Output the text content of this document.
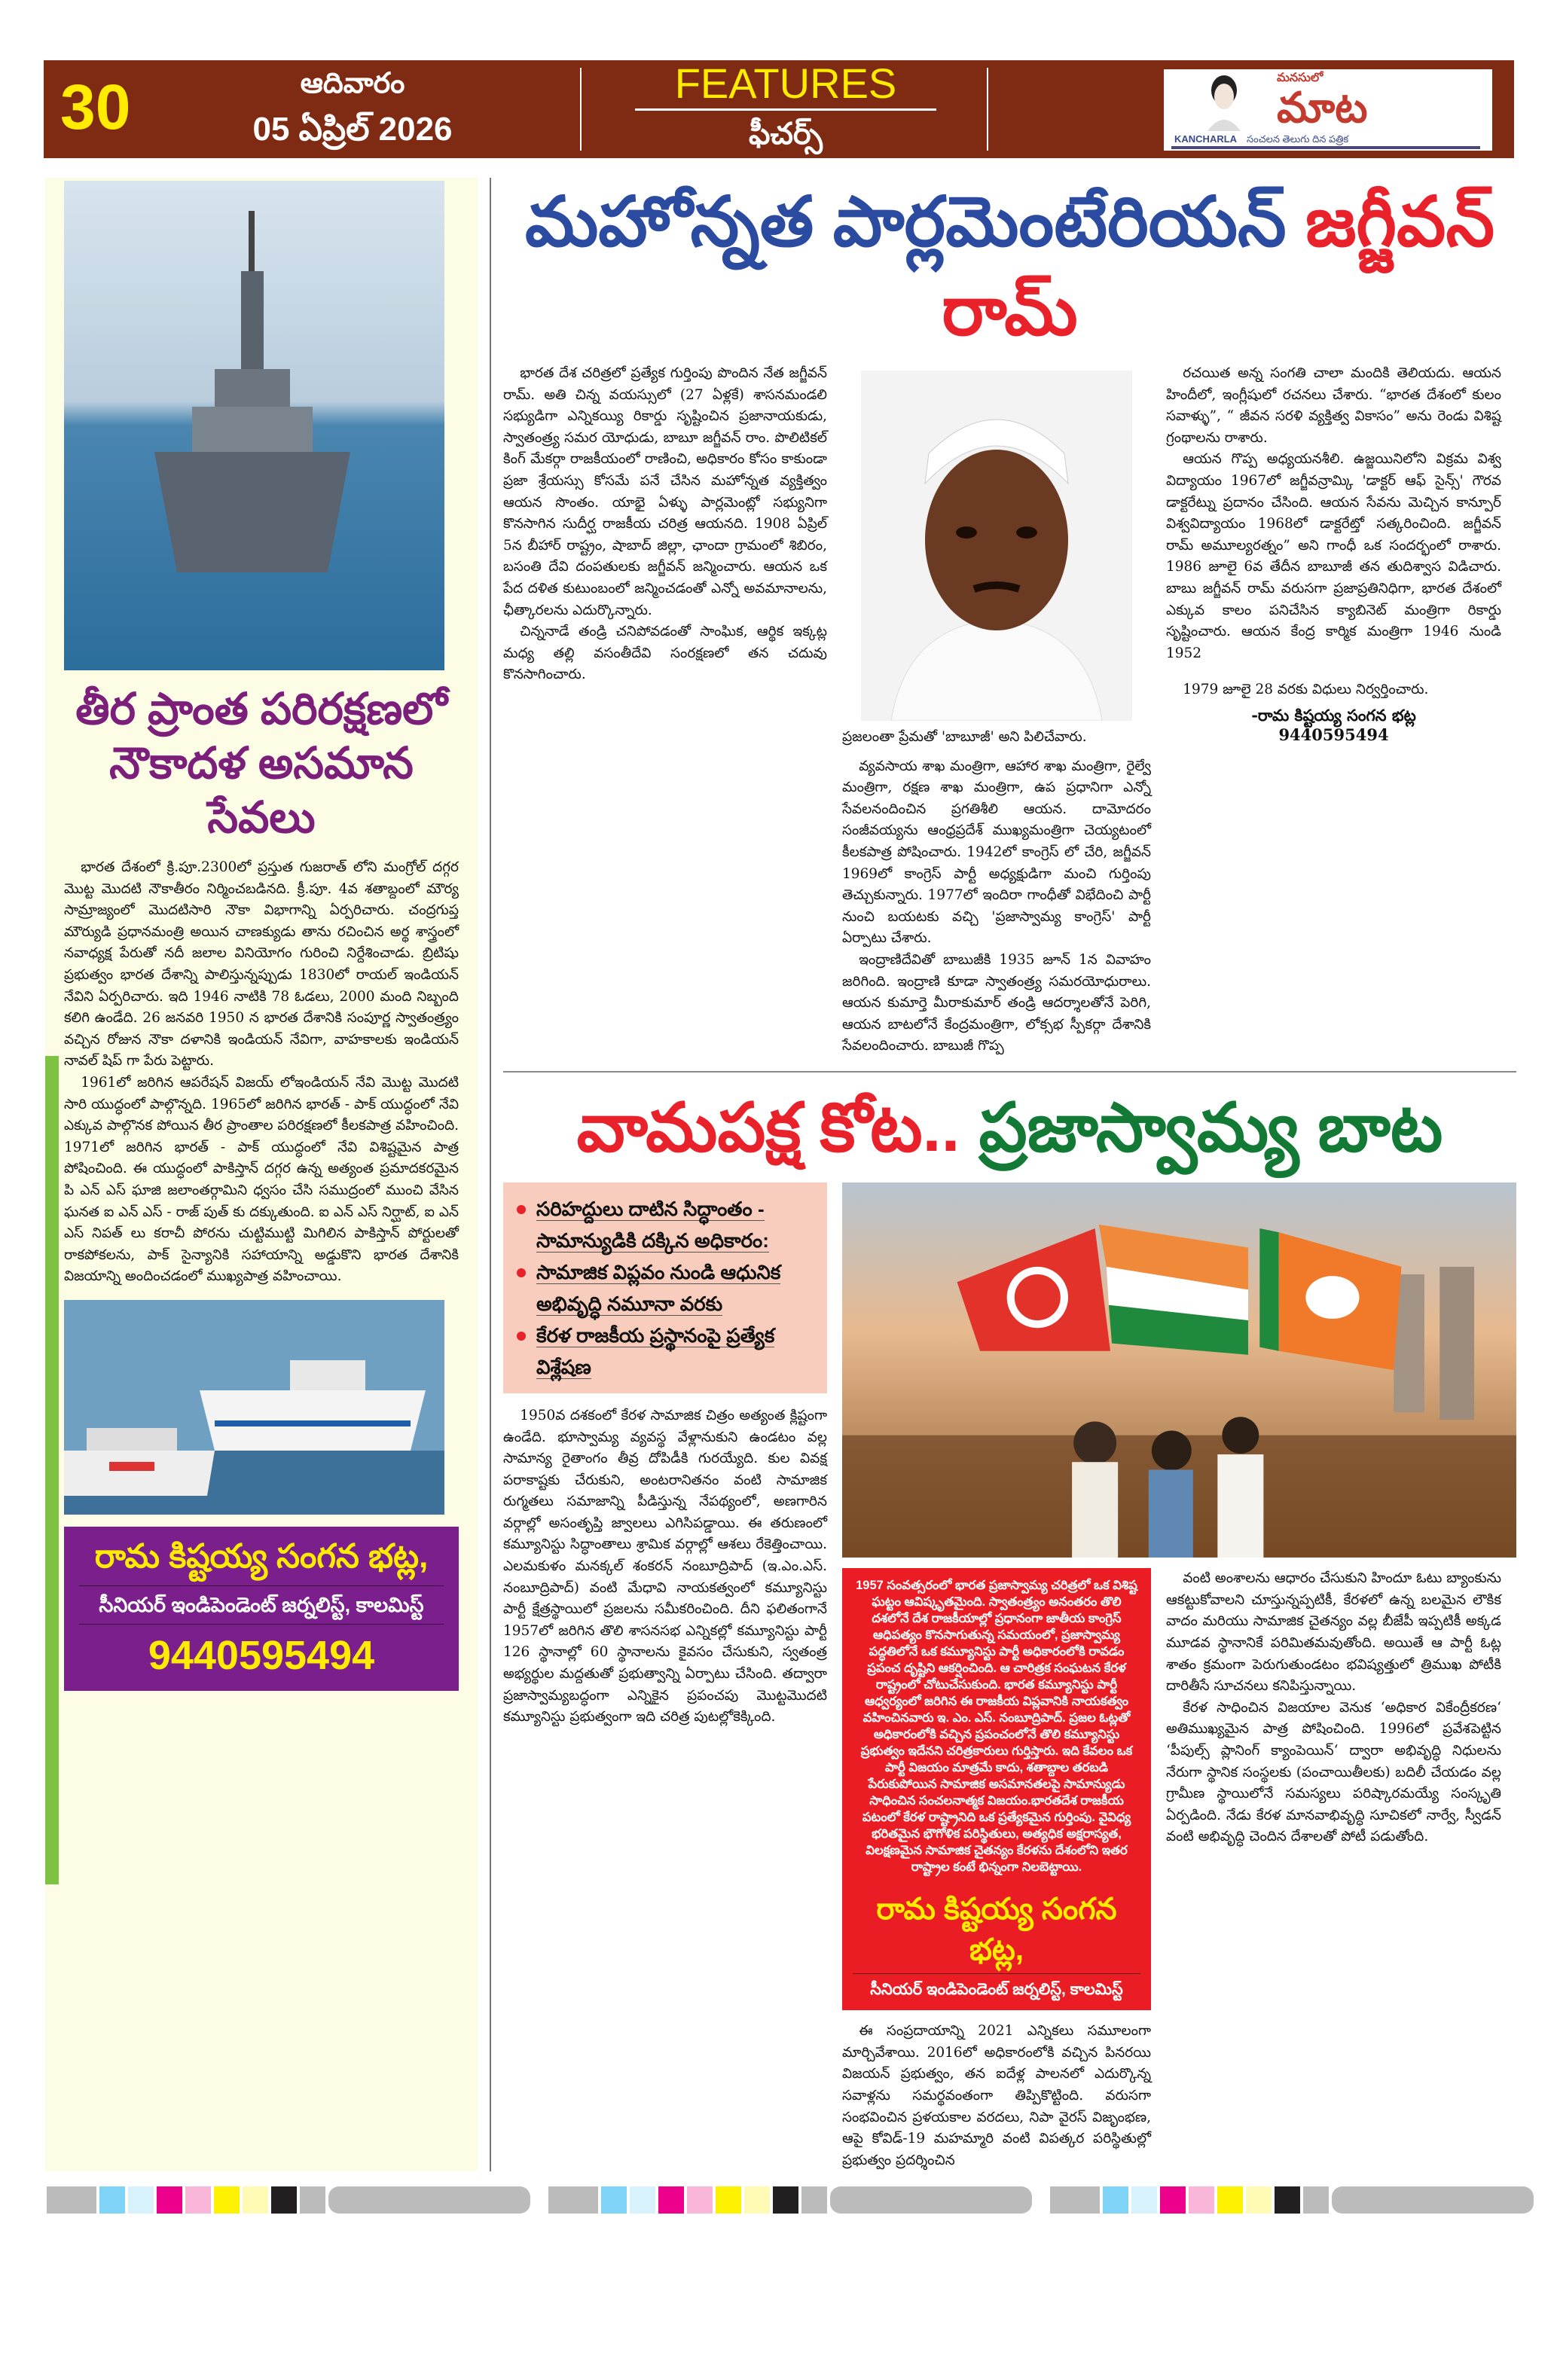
30	ఆదివారం
05 ఏప్రిల్ 2026
FEATURES
ఫీచర్స్
మనసులో
మాట
KANCHARLA సంచలన తెలుగు దిన పత్రిక
తీర ప్రాంత పరిరక్షణలో
నౌకాదళ అసమాన సేవలు

భారత దేశంలో క్రి.పూ.2300లో ప్రస్తుత గుజరాత్ లోని మంగ్రోల్ దగ్గర మొట్ట మొదటి నౌకాతీరం నిర్మించబడినది. క్రీ.పూ. 4వ శతాబ్దంలో మౌర్య సామ్రాజ్యంలో మొదటిసారి నౌకా విభాగాన్ని ఏర్పరిచారు. చంద్రగుప్త మౌర్యుడి ప్రధానమంత్రి అయిన చాణక్యుడు తాను రచించిన అర్థ శాస్త్రంలో నవాధ్యక్ష పేరుతో నదీ జలాల వినియోగం గురించి నిర్దేశించాడు. బ్రిటిషు ప్రభుత్వం భారత దేశాన్ని పాలిస్తున్నప్పుడు 1830లో రాయల్ ఇండియన్ నేవిని ఏర్పరిచారు. ఇది 1946 నాటికి 78 ఓడలు, 2000 మంది నిబ్బంది కలిగి ఉండేది. 26 జనవరి 1950 న భారత దేశానికి సంపూర్ణ స్వాతంత్ర్యం వచ్చిన రోజున నౌకా దళానికి ఇండియన్ నేవిగా, వాహకాలకు ఇండియన్ నావల్ షిప్ గా పేరు పెట్టారు.

1961లో జరిగిన ఆపరేషన్ విజయ్ లోఇండియన్ నేవి మొట్ట మొదటి సారి యుద్ధంలో పాల్గొన్నది. 1965లో జరిగిన భారత్ - పాక్ యుద్ధంలో నేవి ఎక్కువ పాల్గొనక పోయిన తీర ప్రాంతాల పరిరక్షణలో కీలకపాత్ర వహించింది. 1971లో జరిగిన భారత్ - పాక్ యుద్ధంలో నేవి విశిష్టమైన పాత్ర పోషించింది. ఈ యుద్ధంలో పాకిస్తాన్ దగ్గర ఉన్న అత్యంత ప్రమాదకరమైన పి ఎన్ ఎస్ ఘాజి జలాంతర్గామిని ధ్వసం చేసి సముద్రంలో ముంచి వేసిన ఘనత ఐ ఎన్ ఎస్ - రాజ్ పుత్ కు దక్కుతుంది. ఐ ఎన్ ఎస్ నిర్ఘాట్, ఐ ఎన్ ఎస్ నిపత్ లు కరాచీ పోరను చుట్టిముట్టి మిగిలిన పాకిస్తాన్ పోర్టులతో రాకపోకలను, పాక్ సైన్యానికి సహాయాన్ని అడ్డుకొని భారత దేశానికి విజయాన్ని అందించడంలో ముఖ్యపాత్ర వహించాయి.

రామ కిష్టయ్య సంగన భట్ల,
సీనియర్ ఇండిపెండెంట్ జర్నలిస్ట్, కాలమిస్ట్
9440595494
మహోన్నత పార్లమెంటేరియన్ జగ్జీవన్ రామ్

భారత దేశ చరిత్రలో ప్రత్యేక గుర్తింపు పొందిన నేత జగ్జీవన్ రామ్. అతి చిన్న వయస్సులో (27 ఏళ్లకే) శాసనమండలి సభ్యుడిగా ఎన్నికయ్యి రికార్డు సృష్టించిన ప్రజానాయకుడు, స్వాతంత్ర్య సమర యోధుడు, బాబూ జగ్జీవన్ రాం. పొలిటికల్ కింగ్ మేకర్గా రాజకీయంలో రాణించి, అధికారం కోసం కాకుండా ప్రజా శ్రేయస్సు కోసమే పనే చేసిన మహోన్నత వ్యక్తిత్వం ఆయన సొంతం. యాభై ఏళ్ళు పార్లమెంట్లో సభ్యునిగా కొనసాగిన సుదీర్ఘ రాజకీయ చరిత్ర ఆయనది. 1908 ఏప్రిల్ 5న బీహార్ రాష్ట్రం, షాబాద్ జిల్లా, ఛాందా గ్రామంలో శిబిరం, బసంతి దేవి దంపతులకు జగ్జీవన్ జన్మించారు. ఆయన ఒక పేద దళిత కుటుంబంలో జన్మించడంతో ఎన్నో అవమానాలను, ఛీత్కారలను ఎదుర్కొన్నారు.

చిన్ననాడే తండ్రి చనిపోవడంతో సాంఘిక, ఆర్థిక ఇక్కట్ల మధ్య తల్లి వసంతీదేవి సంరక్షణలో తన చదువు కొనసాగించారు.

ప్రజలంతా ప్రేమతో 'బాబూజీ' అని పిలిచేవారు.

వ్యవసాయ శాఖ మంత్రిగా, ఆహార శాఖ మంత్రిగా, రైల్వే మంత్రిగా, రక్షణ శాఖ మంత్రిగా, ఉప ప్రధానిగా ఎన్నో సేవలనందించిన ప్రగతిశీలి ఆయన. దామోదరం సంజీవయ్యను ఆంధ్రప్రదేశ్ ముఖ్యమంత్రిగా చెయ్యటంలో కీలకపాత్ర పోషించారు. 1942లో కాంగ్రెస్ లో చేరి, జగ్జీవన్ 1969లో కాంగ్రెస్ పార్టీ అధ్యక్షుడిగా మంచి గుర్తింపు తెచ్చుకున్నారు. 1977లో ఇందిరా గాంధీతో విభేదించి పార్టీ నుంచి బయటకు వచ్చి 'ప్రజాస్వామ్య కాంగ్రెస్' పార్టీ ఏర్పాటు చేశారు.

ఇంద్రాణిదేవితో బాబుజీకి 1935 జూన్ 1న వివాహం జరిగింది. ఇంద్రాణి కూడా స్వాతంత్ర్య సమరయోధురాలు. ఆయన కుమార్తె మీరాకుమార్ తండ్రి ఆదర్శాలతోనే పెరిగి, ఆయన బాటలోనే కేంద్రమంత్రిగా, లోక్సభ స్పీకర్గా దేశానికి సేవలందించారు. బాబుజీ గొప్ప

రచయిత అన్న సంగతి చాలా మందికి తెలియదు. ఆయన హిందీలో, ఇంగ్లీషులో రచనలు చేశారు. “భారత దేశంలో కులం సవాళ్ళు”, “ జీవన సరళి వ్యక్తిత్వ వికాసం” అను రెండు విశిష్ట గ్రంథాలను రాశారు.

ఆయన గొప్ప అధ్యయనశీలి. ఉజ్జయినిలోని విక్రమ విశ్వ విద్యాయం 1967లో జగ్జీవన్రామ్కి 'డాక్టర్ ఆఫ్ సైన్స్' గౌరవ డాక్టరేట్ను ప్రదానం చేసింది. ఆయన సేవను మెచ్చిన కాన్పూర్ విశ్వవిద్యాయం 1968లో డాక్టరేట్తో సత్కరించింది. జగ్జీవన్ రామ్ అమూల్యరత్నం” అని గాంధీ ఒక సందర్భంలో రాశారు. 1986 జూలై 6వ తేదీన బాబూజీ తన తుదిశ్వాస విడిచారు. బాబు జగ్జీవన్ రామ్ వరుసగా ప్రజాప్రతినిధిగా, భారత దేశంలో ఎక్కువ కాలం పనిచేసిన క్యాబినెట్ మంత్రిగా రికార్డు సృష్టించారు. ఆయన కేంద్ర కార్మిక మంత్రిగా 1946 నుండి 1952

1979 జూలై 28 వరకు విధులు నిర్వర్తించారు.

-రామ కిష్టయ్య సంగన భట్ల
9440595494
వామపక్ష కోట.. ప్రజాస్వామ్య బాట
సరిహద్దులు దాటిన సిద్ధాంతం - సామాన్యుడికి దక్కిన అధికారం:
సామాజిక విప్లవం నుండి ఆధునిక అభివృద్ధి నమూనా వరకు
కేరళ రాజకీయ ప్రస్థానంపై ప్రత్యేక విశ్లేషణ

1950వ దశకంలో కేరళ సామాజిక చిత్రం అత్యంత క్లిష్టంగా ఉండేది. భూస్వామ్య వ్యవస్థ వేళ్లానుకుని ఉండటం వల్ల సామాన్య రైతాంగం తీవ్ర దోపిడీకి గురయ్యేది. కుల వివక్ష పరాకాష్టకు చేరుకుని, అంటరానితనం వంటి సామాజిక రుగ్మతలు సమాజాన్ని పీడిస్తున్న నేపథ్యంలో, అణగారిన వర్గాల్లో అసంతృప్తి జ్వాలలు ఎగిసిపడ్డాయి. ఈ తరుణంలో కమ్యూనిస్టు సిద్ధాంతాలు శ్రామిక వర్గాల్లో ఆశలు రేకెత్తించాయి. ఎలమకుళం మనక్కల్ శంకరన్ నంబూద్రిపాద్ (ఇ.ఎం.ఎస్. నంబూద్రిపాద్) వంటి మేధావి నాయకత్వంలో కమ్యూనిస్టు పార్టీ క్షేత్రస్థాయిలో ప్రజలను సమీకరించింది. దీని ఫలితంగానే 1957లో జరిగిన తొలి శాసనసభ ఎన్నికల్లో కమ్యూనిస్టు పార్టీ 126 స్థానాల్లో 60 స్థానాలను కైవసం చేసుకుని, స్వతంత్ర అభ్యర్థుల మద్దతుతో ప్రభుత్వాన్ని ఏర్పాటు చేసింది. తద్వారా ప్రజాస్వామ్యబద్ధంగా ఎన్నికైన ప్రపంచపు మొట్టమొదటి కమ్యూనిస్టు ప్రభుత్వంగా ఇది చరిత్ర పుటల్లోకెక్కింది.

1957 సంవత్సరంలో భారత ప్రజాస్వామ్య చరిత్రలో ఒక విశిష్ట ఘట్టం ఆవిష్కృతమైంది. స్వాతంత్ర్యం అనంతరం తొలి దశలోనే దేశ రాజకీయాల్లో ప్రధానంగా జాతీయ కాంగ్రెస్ ఆధిపత్యం కొనసాగుతున్న సమయంలో, ప్రజాస్వామ్య పద్ధతిలోనే ఒక కమ్యూనిస్టు పార్టీ అధికారంలోకి రావడం ప్రపంచ దృష్టిని ఆకర్షించింది. ఆ చారిత్రక సంఘటన కేరళ రాష్ట్రంలో చోటుచేసుకుంది. భారత కమ్యూనిస్టు పార్టీ ఆధ్వర్యంలో జరిగిన ఈ రాజకీయ విప్లవానికి నాయకత్వం వహించినవారు ఇ. ఎం. ఎస్. నంబూద్రిపాద్. ప్రజల ఓట్లతో అధికారంలోకి వచ్చిన ప్రపంచంలోనే తొలి కమ్యూనిస్టు ప్రభుత్వం ఇదేనని చరిత్రకారులు గుర్తిస్తారు. ఇది కేవలం ఒక పార్టీ విజయం మాత్రమే కాదు, శతాబ్దాల తరబడి పేరుకుపోయిన సామాజిక అసమానతలపై సామాన్యుడు సాధించిన సంచలనాత్మక విజయం.భారతదేశ రాజకీయ పటంలో కేరళ రాష్ట్రానిది ఒక ప్రత్యేకమైన గుర్తింపు. వైవిధ్య భరితమైన భౌగోళిక పరిస్థితులు, అత్యధిక అక్షరాస్యత, విలక్షణమైన సామాజిక చైతన్యం కేరళను దేశంలోని ఇతర రాష్ట్రాల కంటే భిన్నంగా నిలబెట్టాయి.
రామ కిష్టయ్య సంగన భట్ల,
సీనియర్ ఇండిపెండెంట్ జర్నలిస్ట్, కాలమిస్ట్

ఈ సంప్రదాయాన్ని 2021 ఎన్నికలు సమూలంగా మార్చివేశాయి. 2016లో అధికారంలోకి వచ్చిన పినరయి విజయన్ ప్రభుత్వం, తన ఐదేళ్ల పాలనలో ఎదుర్కొన్న సవాళ్లను సమర్థవంతంగా తిప్పికొట్టింది. వరుసగా సంభవించిన ప్రళయకాల వరదలు, నిపా వైరస్ విజృంభణ, ఆపై కోవిడ్-19 మహమ్మారి వంటి విపత్కర పరిస్థితుల్లో ప్రభుత్వం ప్రదర్శించిన

వంటి అంశాలను ఆధారం చేసుకుని హిందూ ఓటు బ్యాంకును ఆకట్టుకోవాలని చూస్తున్నప్పటికీ, కేరళలో ఉన్న బలమైన లౌకిక వాదం మరియు సామాజిక చైతన్యం వల్ల బీజేపీ ఇప్పటికీ అక్కడ మూడవ స్థానానికే పరిమితమవుతోంది. అయితే ఆ పార్టీ ఓట్ల శాతం క్రమంగా పెరుగుతుండటం భవిష్యత్తులో త్రిముఖ పోటీకి దారితీసే సూచనలు కనిపిస్తున్నాయి.

కేరళ సాధించిన విజయాల వెనుక ‘అధికార వికేంద్రీకరణ‘ అతిముఖ్యమైన పాత్ర పోషించింది. 1996లో ప్రవేశపెట్టిన ‘పీపుల్స్ ప్లానింగ్ క్యాంపెయిన్‘ ద్వారా అభివృద్ధి నిధులను నేరుగా స్థానిక సంస్థలకు (పంచాయితీలకు) బదిలీ చేయడం వల్ల గ్రామీణ స్థాయిలోనే సమస్యలు పరిష్కారమయ్యే సంస్కృతి ఏర్పడింది. నేడు కేరళ మానవాభివృద్ధి సూచికలో నార్వే, స్వీడన్ వంటి అభివృద్ధి చెందిన దేశాలతో పోటీ పడుతోంది.
